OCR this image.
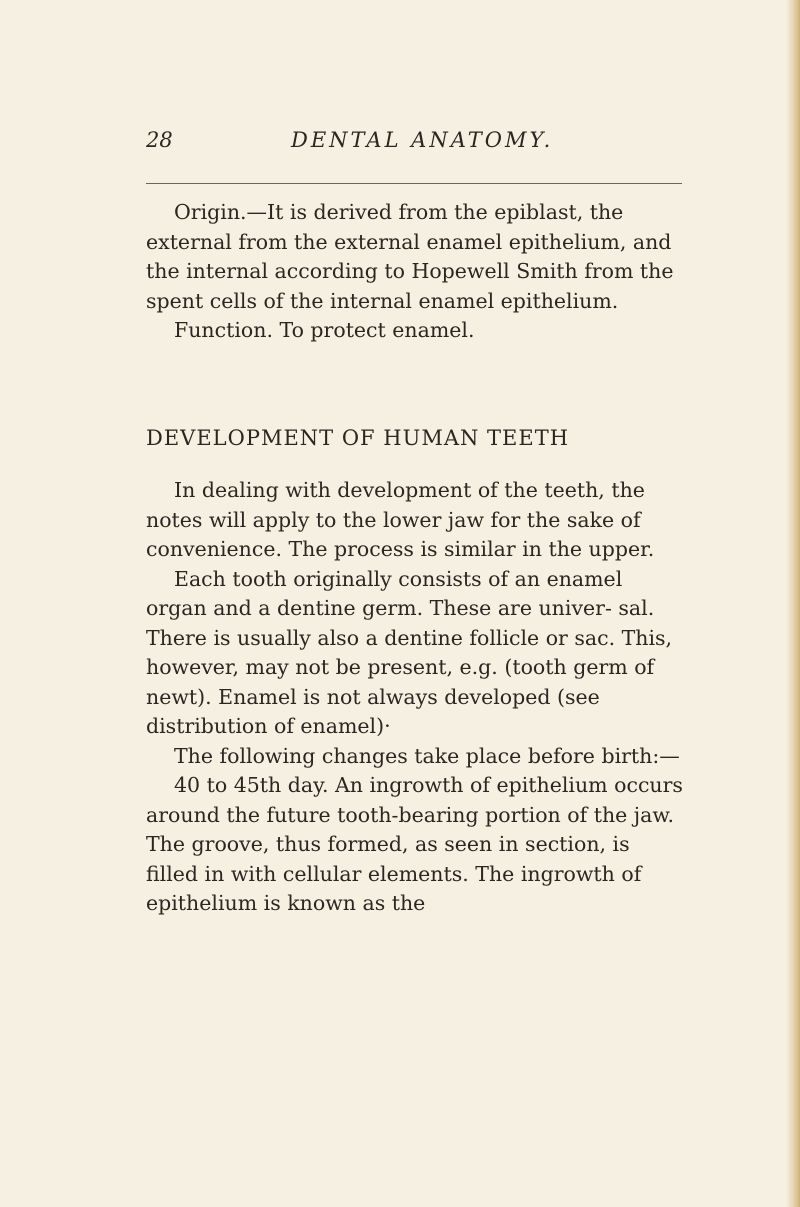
28	DENTAL ANATOMY.

Origin.—It is derived from the epiblast, the external from the external enamel epithelium, and the internal according to Hopewell Smith from the spent cells of the internal enamel epithelium.

Function. To protect enamel.

DEVELOPMENT OF HUMAN TEETH

In dealing with development of the teeth, the notes will apply to the lower jaw for the sake of convenience. The process is similar in the upper.

Each tooth originally consists of an enamel organ and a dentine germ. These are univer- sal. There is usually also a dentine follicle or sac. This, however, may not be present, e.g. (tooth germ of newt). Enamel is not always developed (see distribution of enamel)·

The following changes take place before birth:—

40 to 45th day. An ingrowth of epithelium occurs around the future tooth-bearing portion of the jaw. The groove, thus formed, as seen in section, is filled in with cellular elements. The ingrowth of epithelium is known as the
